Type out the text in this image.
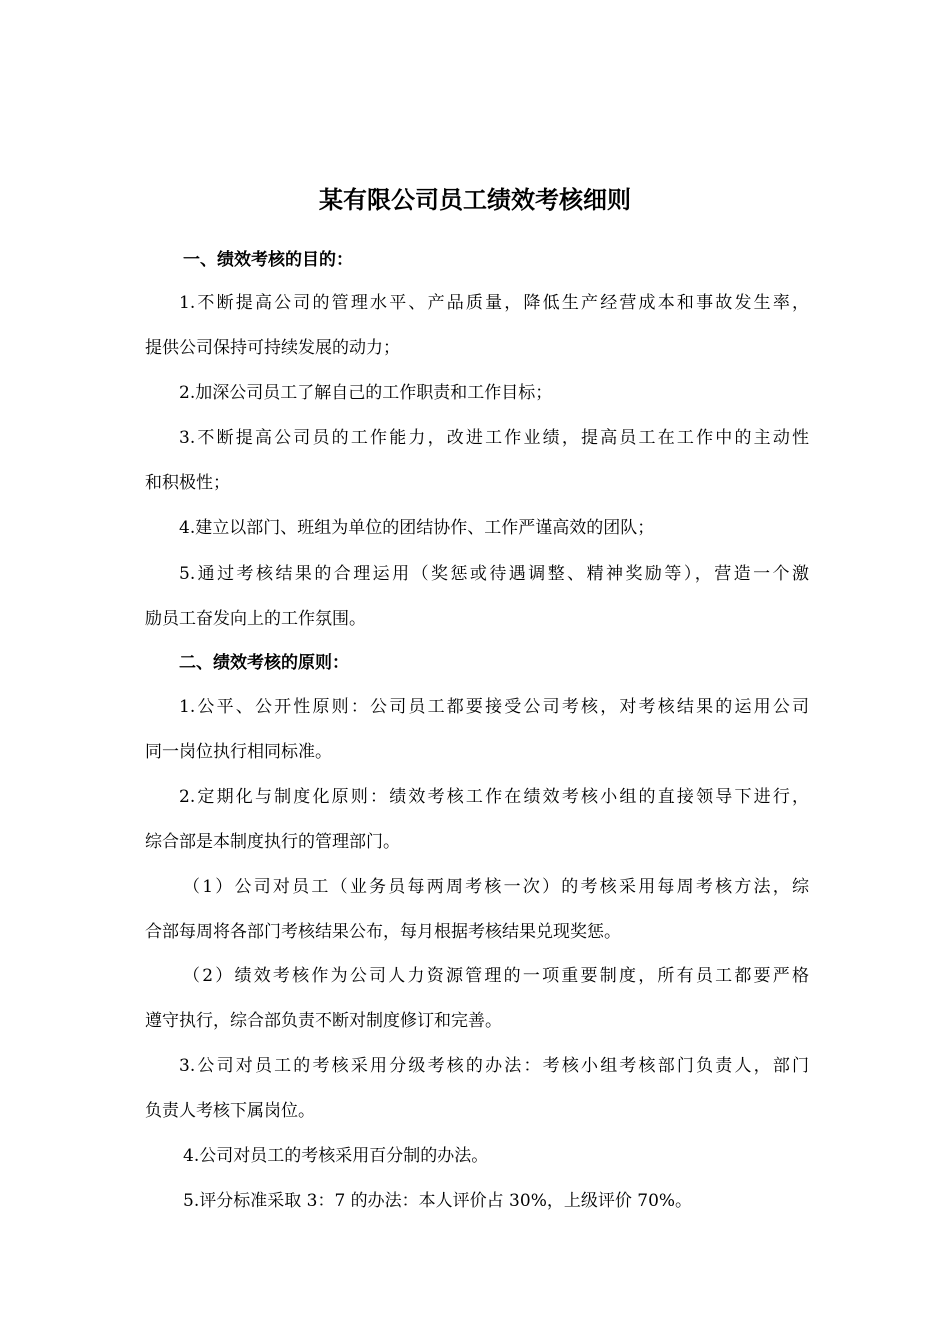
某有限公司员工绩效考核细则
一、绩效考核的目的：
1.不断提高公司的管理水平、产品质量，降低生产经营成本和事故发生率，
提供公司保持可持续发展的动力；
2.加深公司员工了解自己的工作职责和工作目标；
3.不断提高公司员的工作能力，改进工作业绩，提高员工在工作中的主动性
和积极性；
4.建立以部门、班组为单位的团结协作、工作严谨高效的团队；
5.通过考核结果的合理运用（奖惩或待遇调整、精神奖励等），营造一个激
励员工奋发向上的工作氛围。
二、绩效考核的原则：
1.公平、公开性原则：公司员工都要接受公司考核，对考核结果的运用公司
同一岗位执行相同标准。
2.定期化与制度化原则：绩效考核工作在绩效考核小组的直接领导下进行，
综合部是本制度执行的管理部门。
（1）公司对员工（业务员每两周考核一次）的考核采用每周考核方法，综
合部每周将各部门考核结果公布，每月根据考核结果兑现奖惩。
（2）绩效考核作为公司人力资源管理的一项重要制度，所有员工都要严格
遵守执行，综合部负责不断对制度修订和完善。
3.公司对员工的考核采用分级考核的办法：考核小组考核部门负责人，部门
负责人考核下属岗位。
4.公司对员工的考核采用百分制的办法。
5.评分标准采取 3：7 的办法：本人评价占 30%，上级评价 70%。
